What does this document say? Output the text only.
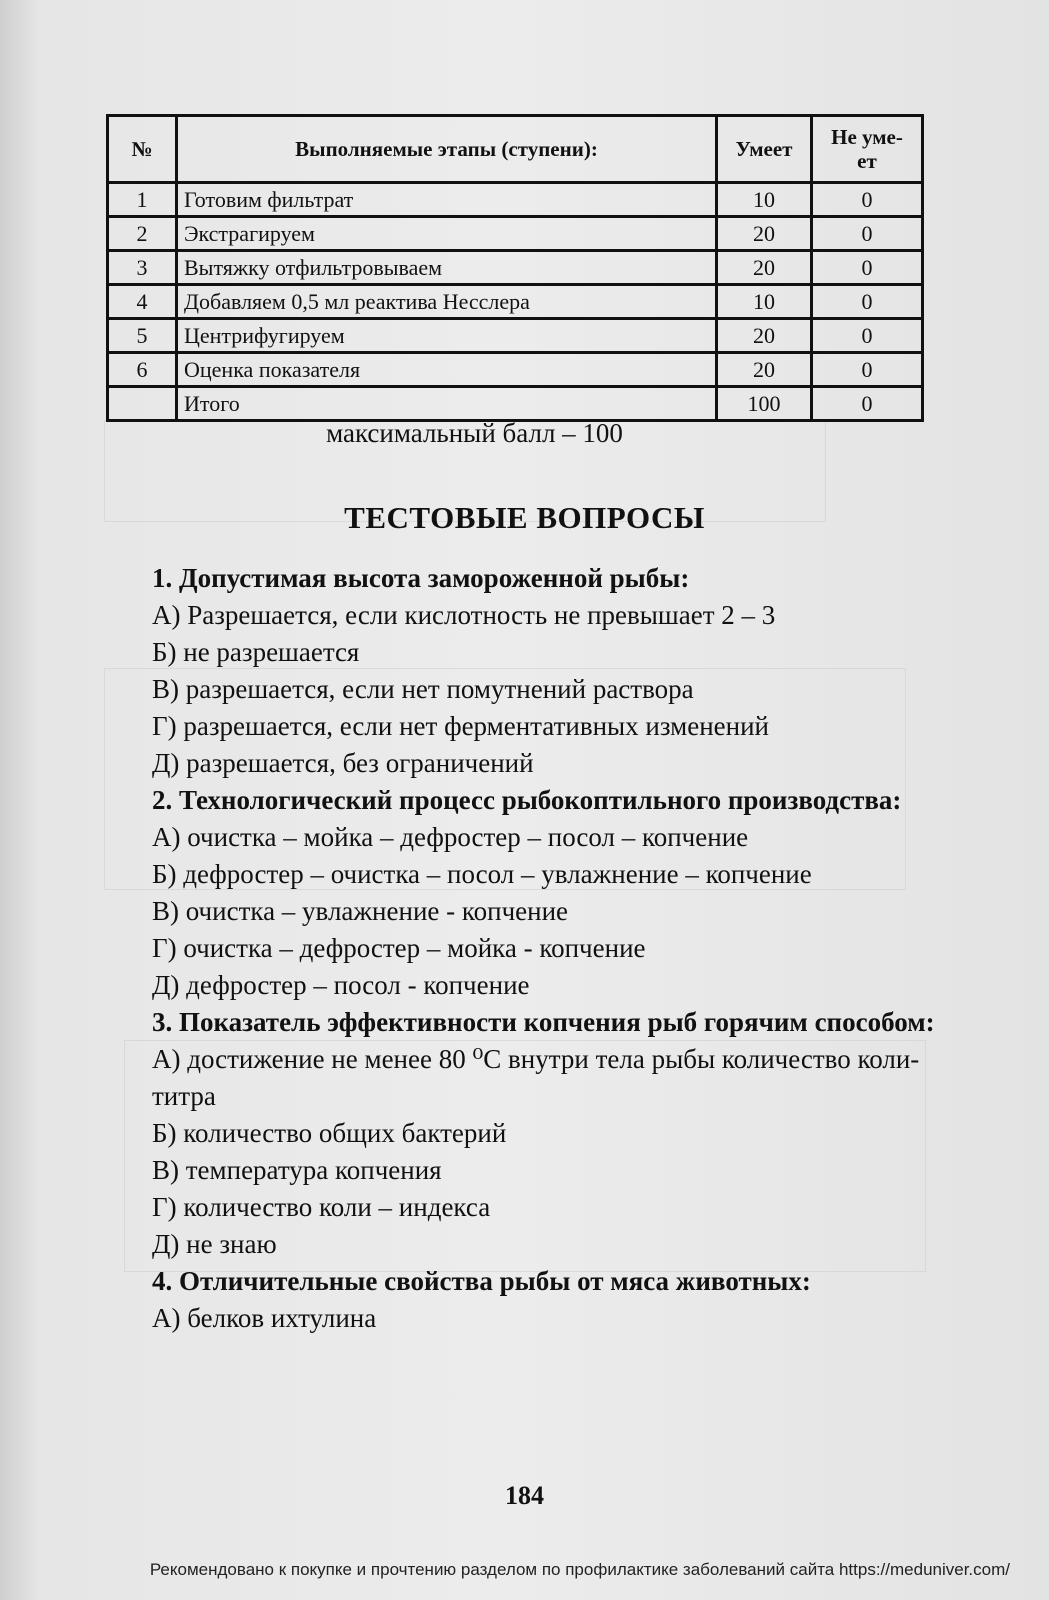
№	Выполняемые этапы (ступени):	Умеет	Не уме-
ет
1	Готовим фильтрат	10	0
2	Экстрагируем	20	0
3	Вытяжку отфильтровываем	20	0
4	Добавляем 0,5 мл реактива Несслера	10	0
5	Центрифугируем	20	0
6	Оценка показателя	20	0
	Итого	100	0
максимальный балл – 100
ТЕСТОВЫЕ ВОПРОСЫ
1. Допустимая высота замороженной рыбы:
А) Разрешается, если кислотность не превышает 2 – 3
Б) не разрешается
В) разрешается, если нет помутнений раствора
Г) разрешается, если нет ферментативных изменений
Д) разрешается, без ограничений
2. Технологический процесс рыбокоптильного производства:
А) очистка – мойка – дефростер – посол – копчение
Б) дефростер – очистка – посол – увлажнение – копчение
В) очистка – увлажнение - копчение
Г) очистка – дефростер – мойка - копчение
Д) дефростер – посол - копчение
3. Показатель эффективности копчения рыб горячим способом:
А) достижение не менее 80 ⁰С внутри тела рыбы количество коли-титра
Б) количество общих бактерий
В) температура копчения
Г) количество коли – индекса
Д) не знаю
4. Отличительные свойства рыбы от мяса животных:
А) белков ихтулина
184
Рекомендовано к покупке и прочтению разделом по профилактике заболеваний сайта https://meduniver.com/
